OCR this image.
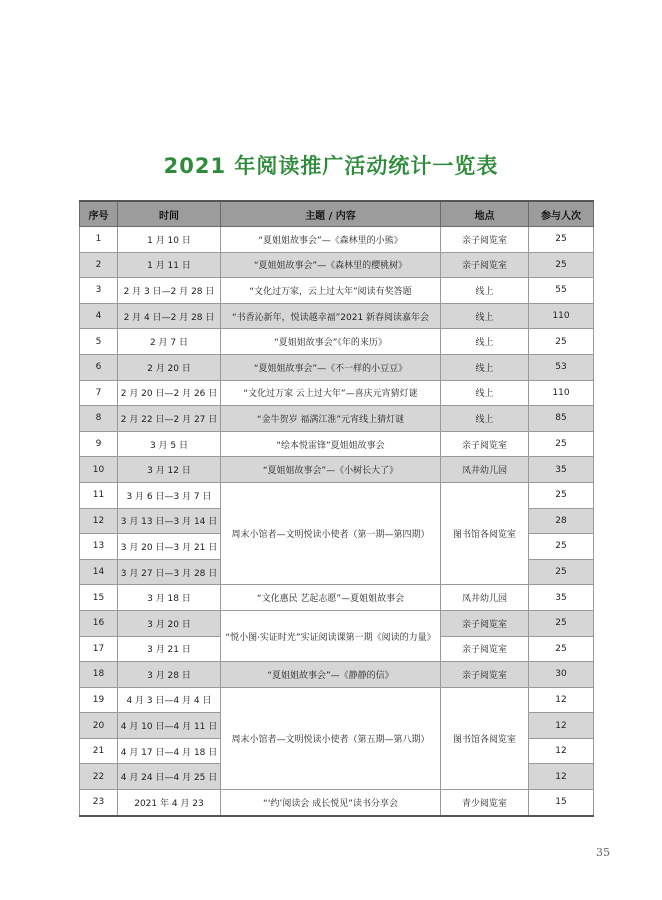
2021 年阅读推广活动统计一览表
序号	时间	主题 / 内容	地点	参与人次
1	1 月 10 日	“夏姐姐故事会”—《森林里的小熊》	亲子阅览室	25
2	1 月 11 日	“夏姐姐故事会”—《森林里的樱桃树》	亲子阅览室	25
3	2 月 3 日—2 月 28 日	“文化过万家，云上过大年”阅读有奖答题	线上	55
4	2 月 4 日—2 月 28 日	“书香沁新年，悦读越幸福”2021 新春阅读嘉年会	线上	110
5	2 月 7 日	“夏姐姐故事会”《年的来历》	线上	25
6	2 月 20 日	“夏姐姐故事会”—《不一样的小豆豆》	线上	53
7	2 月 20 日—2 月 26 日	“文化过万家 云上过大年”—喜庆元宵猜灯谜	线上	110
8	2 月 22 日—2 月 27 日	“金牛贺岁 福满江淮”元宵线上猜灯谜	线上	85
9	3 月 5 日	“绘本悦雷锋”夏姐姐故事会	亲子阅览室	25
10	3 月 12 日	“夏姐姐故事会”—《小树长大了》	凤井幼儿园	35
11	3 月 6 日—3 月 7 日	周末小馆者—文明悦读小使者（第一期—第四期）	图书馆各阅览室	25
12	3 月 13 日—3 月 14 日			28
13	3 月 20 日—3 月 21 日			25
14	3 月 27 日—3 月 28 日			25
15	3 月 18 日	“文化惠民 艺起志愿”—夏姐姐故事会	凤井幼儿园	35
16	3 月 20 日	“悦小图·实证时光”实证阅读课第一期《阅读的力量》	亲子阅览室	25
17	3 月 21 日		亲子阅览室	25
18	3 月 28 日	“夏姐姐故事会”—《静静的信》	亲子阅览室	30
19	4 月 3 日—4 月 4 日	周末小馆者—文明悦读小使者（第五期—第八期）	图书馆各阅览室	12
20	4 月 10 日—4 月 11 日			12
21	4 月 17 日—4 月 18 日			12
22	4 月 24 日—4 月 25 日			12
23	2021 年 4 月 23	“‘约’阅读会 成长悦见”读书分享会	青少阅览室	15
35
